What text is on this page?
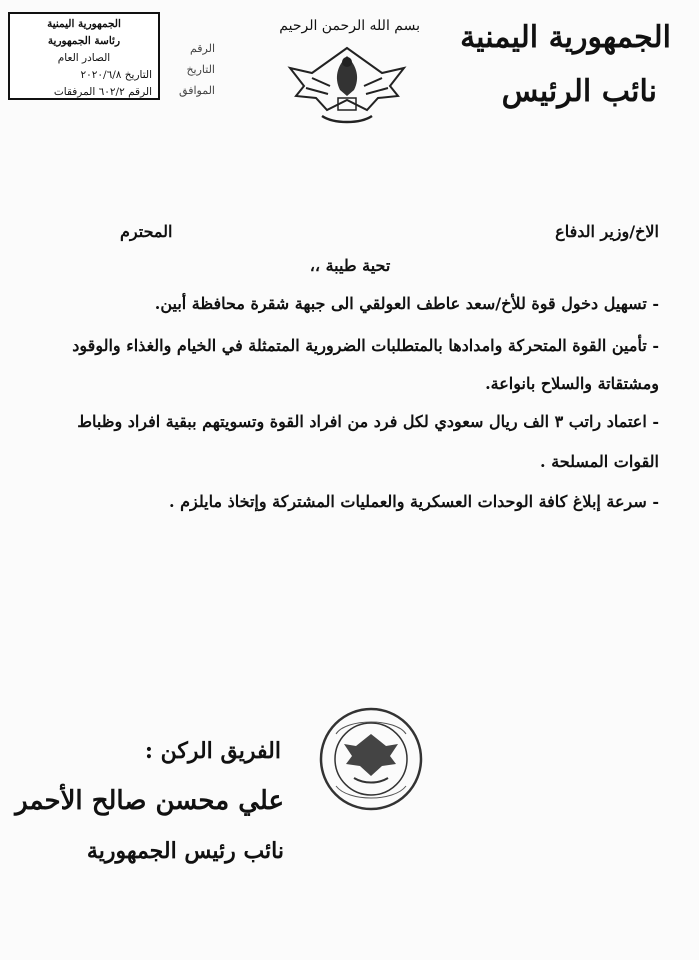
الجمهورية اليمنية
نائب الرئيس
بسم الله الرحمن الرحيم
الرقم
التاريخ
الموافق
الجمهورية اليمنية
رئاسة الجمهورية
الصادر العام
التاريخ ٢٠٢٠/٦/٨
الرقم ٦٠٢/٢ المرفقات
الاخ/وزير الدفاع
المحترم
تحية طيبة ،،
- تسهيل دخول قوة للأخ/سعد عاطف العولقي الى جبهة شقرة محافظة أبين.
- تأمين القوة المتحركة وامدادها بالمتطلبات الضرورية المتمثلة في الخيام والغذاء والوقود
ومشتقاتة والسلاح بانواعة.
- اعتماد راتب ٣ الف ريال سعودي لكل فرد من افراد القوة وتسويتهم ببقية افراد وظباط
القوات المسلحة .
- سرعة إبلاغ كافة الوحدات العسكرية والعمليات المشتركة وإتخاذ مايلزم .
الفريق الركن :
علي محسن صالح الأحمر
نائب رئيس الجمهورية
